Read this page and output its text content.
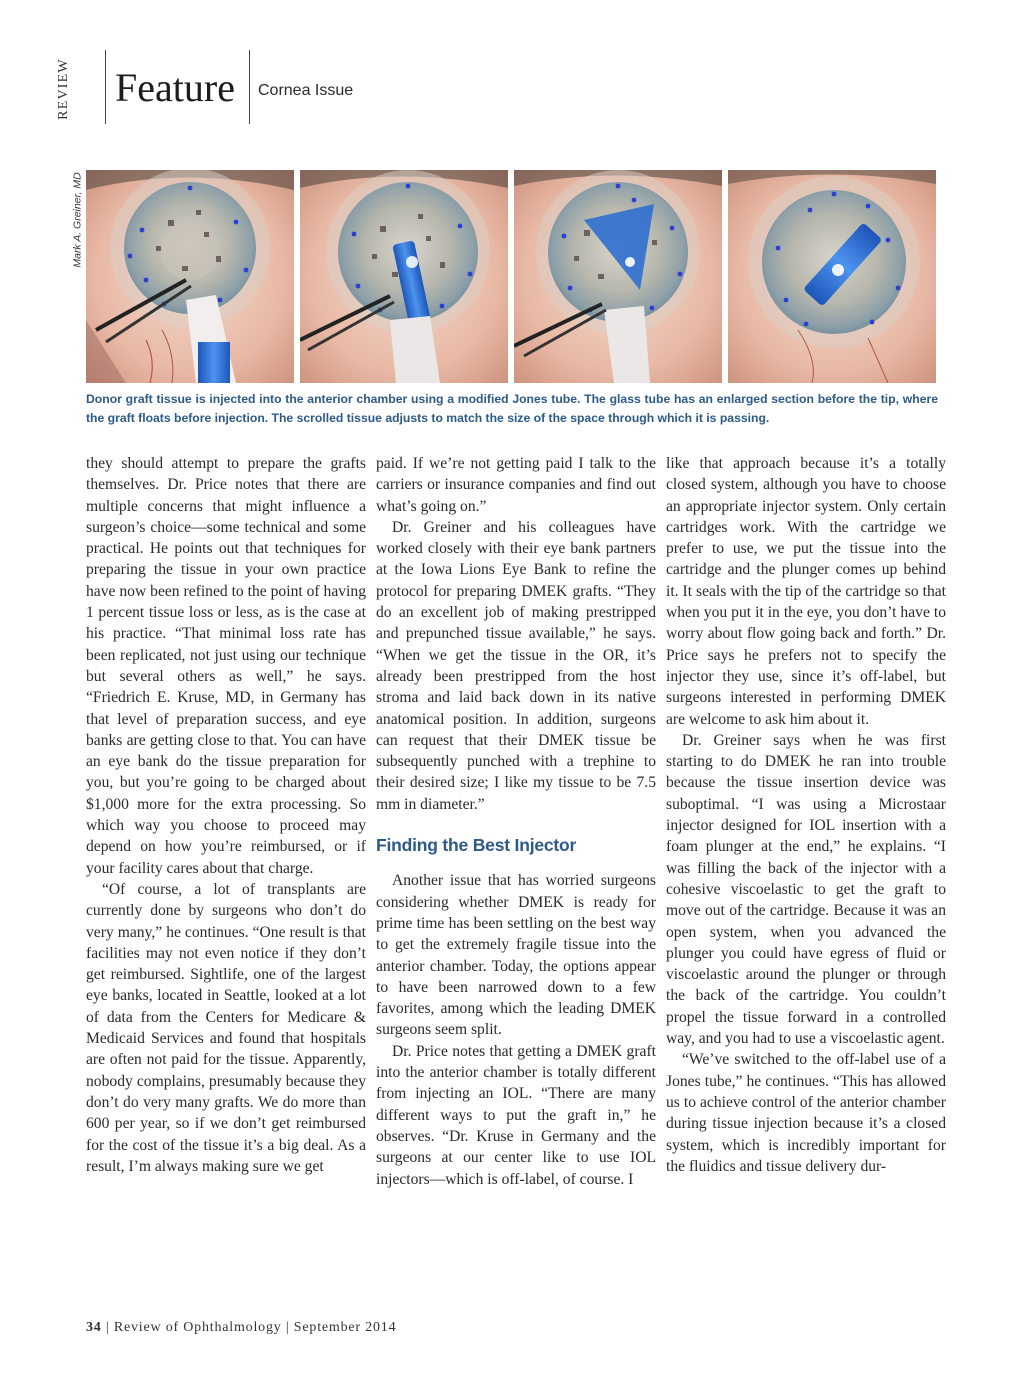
REVIEW Feature Cornea Issue
Mark A. Greiner, MD
Donor graft tissue is injected into the anterior chamber using a modified Jones tube. The glass tube has an enlarged section before the tip, where the graft floats before injection. The scrolled tissue adjusts to match the size of the space through which it is passing.

they should attempt to prepare the grafts themselves. Dr. Price notes that there are multiple concerns that might influence a surgeon’s choice—some technical and some practical. He points out that techniques for preparing the tissue in your own practice have now been refined to the point of having 1 percent tissue loss or less, as is the case at his practice. “That minimal loss rate has been replicated, not just using our technique but several others as well,” he says. “Friedrich E. Kruse, MD, in Germany has that level of preparation success, and eye banks are getting close to that. You can have an eye bank do the tissue preparation for you, but you’re going to be charged about $1,000 more for the extra processing. So which way you choose to proceed may depend on how you’re reimbursed, or if your facility cares about that charge.

“Of course, a lot of transplants are currently done by surgeons who don’t do very many,” he continues. “One result is that facilities may not even notice if they don’t get reimbursed. Sightlife, one of the largest eye banks, located in Seattle, looked at a lot of data from the Centers for Medicare & Medicaid Services and found that hospitals are often not paid for the tissue. Apparently, nobody complains, presumably because they don’t do very many grafts. We do more than 600 per year, so if we don’t get reimbursed for the cost of the tissue it’s a big deal. As a result, I’m always making sure we get

paid. If we’re not getting paid I talk to the carriers or insurance companies and find out what’s going on.”

Dr. Greiner and his colleagues have worked closely with their eye bank partners at the Iowa Lions Eye Bank to refine the protocol for preparing DMEK grafts. “They do an excellent job of making prestripped and prepunched tissue available,” he says. “When we get the tissue in the OR, it’s already been prestripped from the host stroma and laid back down in its native anatomical position. In addition, surgeons can request that their DMEK tissue be subsequently punched with a trephine to their desired size; I like my tissue to be 7.5 mm in diameter.”

Finding the Best Injector

Another issue that has worried surgeons considering whether DMEK is ready for prime time has been settling on the best way to get the extremely fragile tissue into the anterior chamber. Today, the options appear to have been narrowed down to a few favorites, among which the leading DMEK surgeons seem split.

Dr. Price notes that getting a DMEK graft into the anterior chamber is totally different from injecting an IOL. “There are many different ways to put the graft in,” he observes. “Dr. Kruse in Germany and the surgeons at our center like to use IOL injectors—which is off-label, of course. I

like that approach because it’s a totally closed system, although you have to choose an appropriate injector system. Only certain cartridges work. With the cartridge we prefer to use, we put the tissue into the cartridge and the plunger comes up behind it. It seals with the tip of the cartridge so that when you put it in the eye, you don’t have to worry about flow going back and forth.” Dr. Price says he prefers not to specify the injector they use, since it’s off-label, but surgeons interested in performing DMEK are welcome to ask him about it.

Dr. Greiner says when he was first starting to do DMEK he ran into trouble because the tissue insertion device was suboptimal. “I was using a Microstaar injector designed for IOL insertion with a foam plunger at the end,” he explains. “I was filling the back of the injector with a cohesive viscoelastic to get the graft to move out of the cartridge. Because it was an open system, when you advanced the plunger you could have egress of fluid or viscoelastic around the plunger or through the back of the cartridge. You couldn’t propel the tissue forward in a controlled way, and you had to use a viscoelastic agent.

“We’ve switched to the off-label use of a Jones tube,” he continues. “This has allowed us to achieve control of the anterior chamber during tissue injection because it’s a closed system, which is incredibly important for the fluidics and tissue delivery dur-

34 | Review of Ophthalmology | September 2014
